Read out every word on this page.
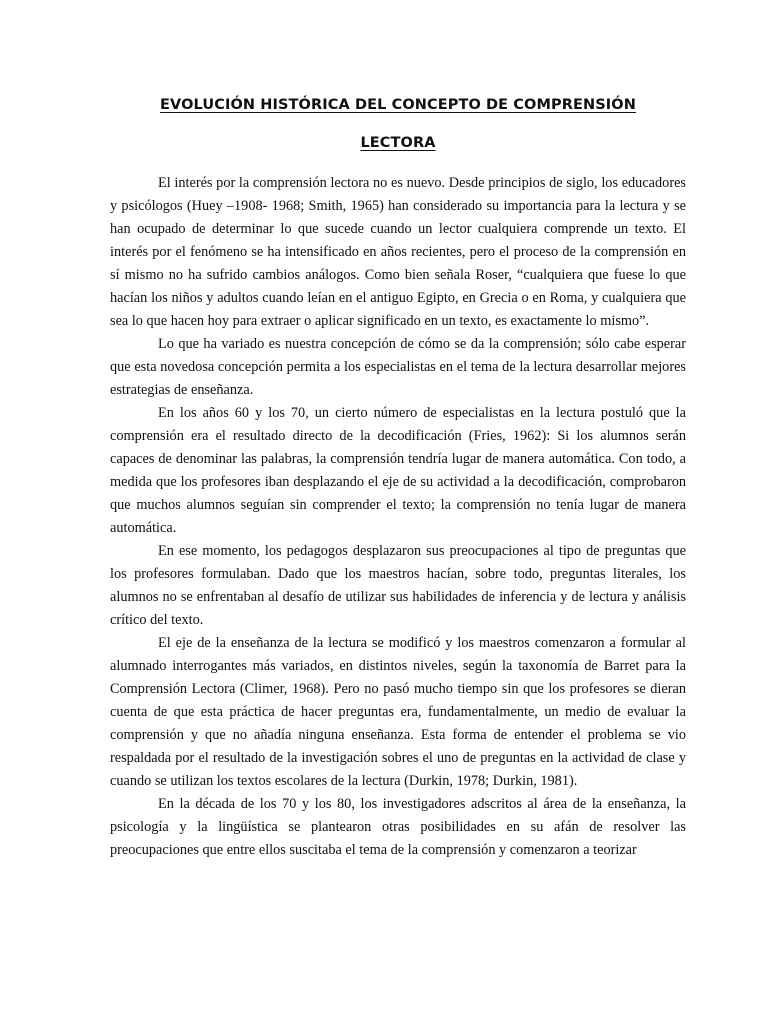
EVOLUCIÓN HISTÓRICA DEL CONCEPTO DE COMPRENSIÓN
LECTORA

El interés por la comprensión lectora no es nuevo. Desde principios de siglo, los educadores y psicólogos (Huey –1908- 1968; Smith, 1965) han considerado su importancia para la lectura y se han ocupado de determinar lo que sucede cuando un lector cualquiera comprende un texto. El interés por el fenómeno se ha intensificado en años recientes, pero el proceso de la comprensión en sí mismo no ha sufrido cambios análogos. Como bien señala Roser, “cualquiera que fuese lo que hacían los niños y adultos cuando leían en el antiguo Egipto, en Grecia o en Roma, y cualquiera que sea lo que hacen hoy para extraer o aplicar significado en un texto, es exactamente lo mismo”.

Lo que ha variado es nuestra concepción de cómo se da la comprensión; sólo cabe esperar que esta novedosa concepción permita a los especialistas en el tema de la lectura desarrollar mejores estrategias de enseñanza.

En los años 60 y los 70, un cierto número de especialistas en la lectura postuló que la comprensión era el resultado directo de la decodificación (Fries, 1962): Si los alumnos serán capaces de denominar las palabras, la comprensión tendría lugar de manera automática. Con todo, a medida que los profesores iban desplazando el eje de su actividad a la decodificación, comprobaron que muchos alumnos seguían sin comprender el texto; la comprensión no tenía lugar de manera automática.

En ese momento, los pedagogos desplazaron sus preocupaciones al tipo de preguntas que los profesores formulaban. Dado que los maestros hacían, sobre todo, preguntas literales, los alumnos no se enfrentaban al desafío de utilizar sus habilidades de inferencia y de lectura y análisis crítico del texto.

El eje de la enseñanza de la lectura se modificó y los maestros comenzaron a formular al alumnado interrogantes más variados, en distintos niveles, según la taxonomía de Barret para la Comprensión Lectora (Climer, 1968). Pero no pasó mucho tiempo sin que los profesores se dieran cuenta de que esta práctica de hacer preguntas era, fundamentalmente, un medio de evaluar la comprensión y que no añadía ninguna enseñanza. Esta forma de entender el problema se vio respaldada por el resultado de la investigación sobres el uno de preguntas en la actividad de clase y cuando se utilizan los textos escolares de la lectura (Durkin, 1978; Durkin, 1981).

En la década de los 70 y los 80, los investigadores adscritos al área de la enseñanza, la psicología y la lingüística se plantearon otras posibilidades en su afán de resolver las preocupaciones que entre ellos suscitaba el tema de la comprensión y comenzaron a teorizar
